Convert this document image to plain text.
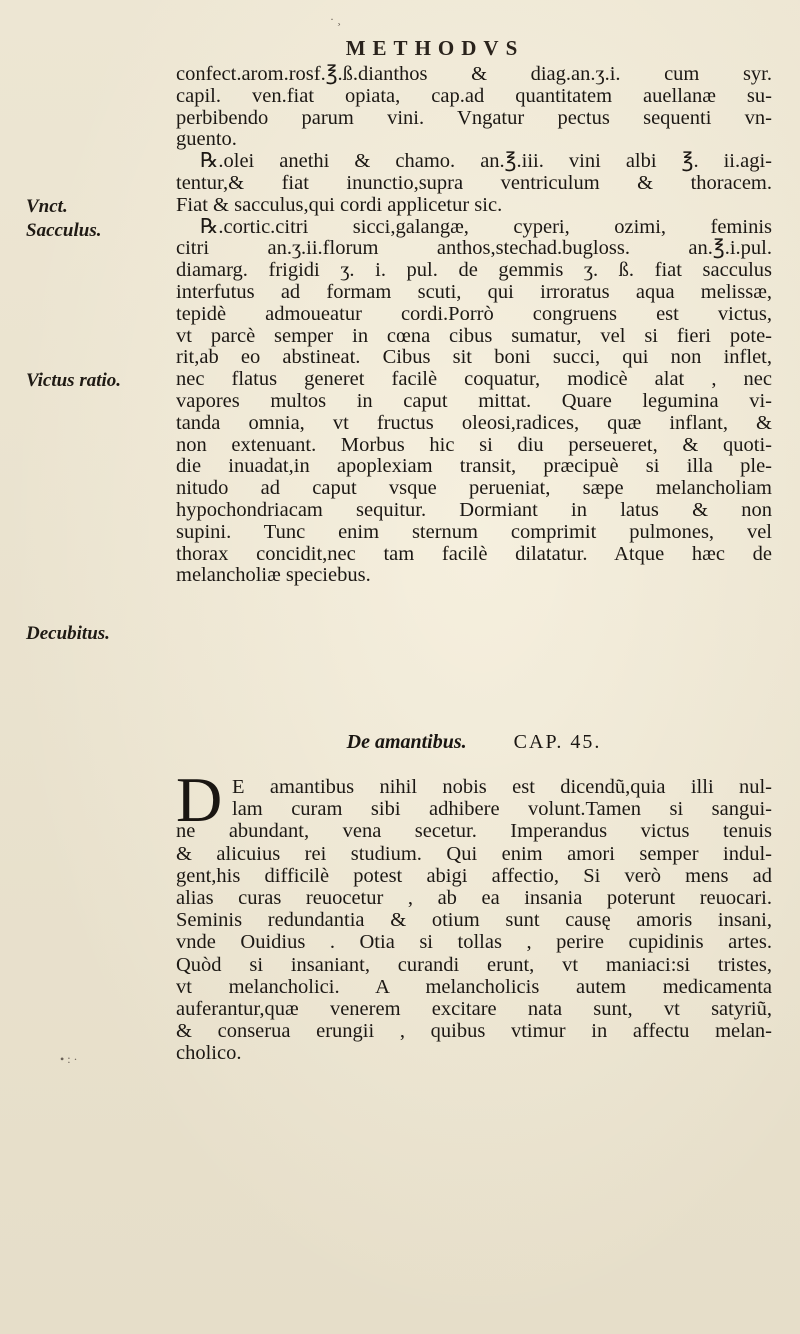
METHODVS
Vnct.
Sacculus.
Victus ratio.
Decubitus.
confect.arom.rosf.℥.ß.dianthos & diag.an.ʒ.i. cum syr.
capil. ven.fiat opiata, cap.ad quantitatem auellanæ su-
perbibendo parum vini. Vngatur pectus sequenti vn-
guento.
℞.olei anethi & chamo. an.℥.iii. vini albi ℥. ii.agi-
tentur,& fiat inunctio,supra ventriculum & thoracem.
Fiat & sacculus,qui cordi applicetur sic.
℞.cortic.citri sicci,galangæ, cyperi, ozimi, feminis
citri an.ʒ.ii.florum anthos,stechad.bugloss. an.℥.i.pul.
diamarg. frigidi ʒ. i. pul. de gemmis ʒ. ß. fiat sacculus
interfutus ad formam scuti, qui irroratus aqua melissæ,
tepidè admoueatur cordi.Porrò congruens est victus,
vt parcè semper in cœna cibus sumatur, vel si fieri pote-
rit,ab eo abstineat. Cibus sit boni succi, qui non inflet,
nec flatus generet facilè coquatur, modicè alat , nec
vapores multos in caput mittat. Quare legumina vi-
tanda omnia, vt fructus oleosi,radices, quæ inflant, &
non extenuant. Morbus hic si diu perseueret, & quoti-
die inuadat,in apoplexiam transit, præcipuè si illa ple-
nitudo ad caput vsque perueniat, sæpe melancholiam
hypochondriacam sequitur. Dormiant in latus & non
supini. Tunc enim sternum comprimit pulmones, vel
thorax concidit,nec tam facilè dilatatur. Atque hæc de
melancholiæ speciebus.
De amantibus. CAP. 45.
D E amantibus nihil nobis est dicendũ,quia illi nul-
lam curam sibi adhibere volunt.Tamen si sangui-
ne abundant, vena secetur. Imperandus victus tenuis
& alicuius rei studium. Qui enim amori semper indul-
gent,his difficilè potest abigi affectio, Si verò mens ad
alias curas reuocetur , ab ea insania poterunt reuocari.
Seminis redundantia & otium sunt causę amoris insani,
vnde Ouidius . Otia si tollas , perire cupidinis artes.
Quòd si insaniant, curandi erunt, vt maniaci:si tristes,
vt melancholici. A melancholicis autem medicamenta
auferantur,quæ venerem excitare nata sunt, vt satyriũ,
& conserua erungii , quibus vtimur in affectu melan-
cholico.
• : ·
· ¸
